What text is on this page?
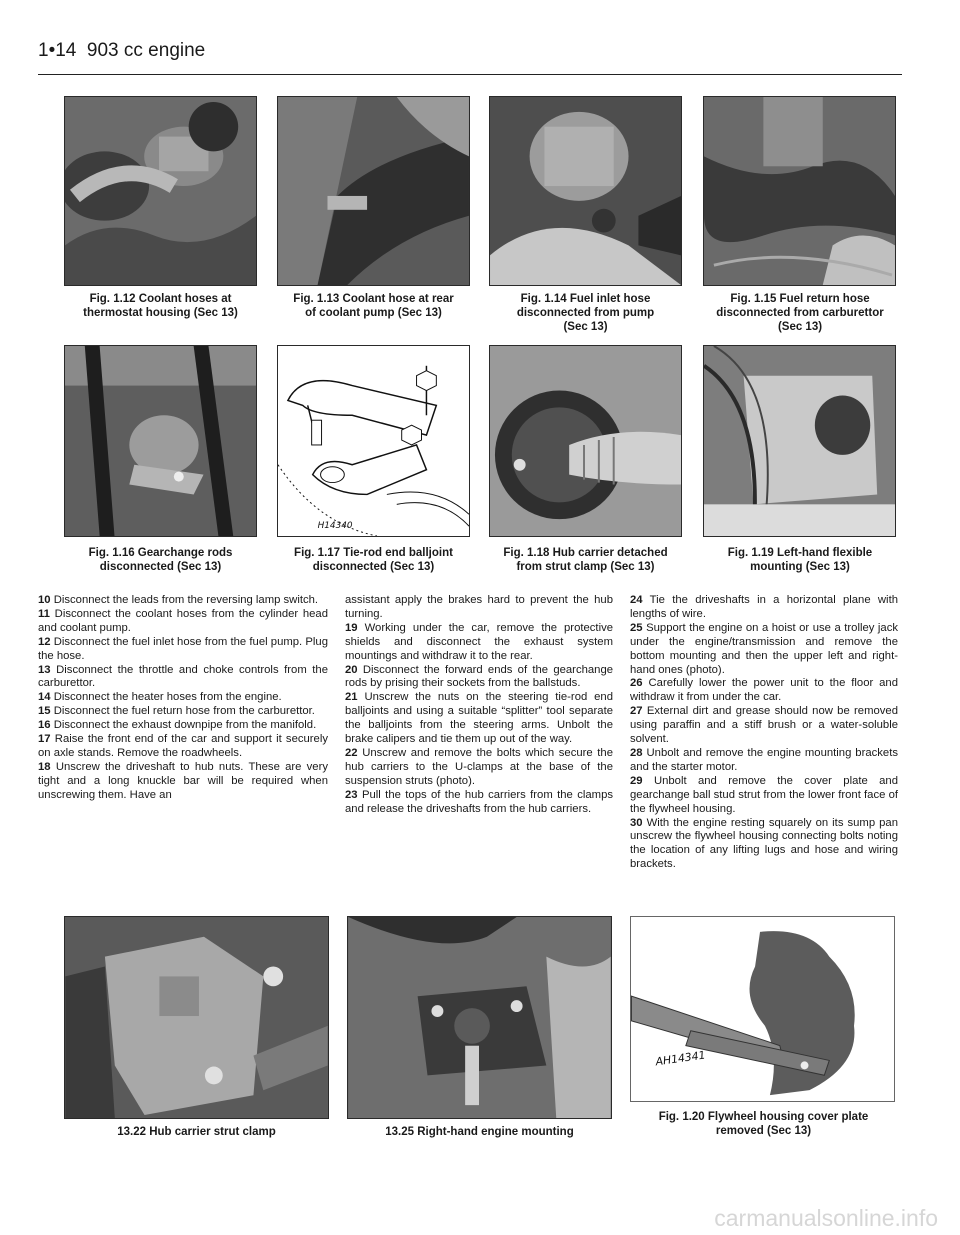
1•14 903 cc engine
Fig. 1.12 Coolant hoses at
thermostat housing (Sec 13)
Fig. 1.13 Coolant hose at rear
of coolant pump (Sec 13)
Fig. 1.14 Fuel inlet hose
disconnected from pump
(Sec 13)
Fig. 1.15 Fuel return hose
disconnected from carburettor
(Sec 13)
H14340
Fig. 1.16 Gearchange rods
disconnected (Sec 13)
Fig. 1.17 Tie-rod end balljoint
disconnected (Sec 13)
Fig. 1.18 Hub carrier detached
from strut clamp (Sec 13)
Fig. 1.19 Left-hand flexible
mounting (Sec 13)

10 Disconnect the leads from the reversing lamp switch.

11 Disconnect the coolant hoses from the cylinder head and coolant pump.

12 Disconnect the fuel inlet hose from the fuel pump. Plug the hose.

13 Disconnect the throttle and choke controls from the carburettor.

14 Disconnect the heater hoses from the engine.

15 Disconnect the fuel return hose from the carburettor.

16 Disconnect the exhaust downpipe from the manifold.

17 Raise the front end of the car and support it securely on axle stands. Remove the roadwheels.

18 Unscrew the driveshaft to hub nuts. These are very tight and a long knuckle bar will be required when unscrewing them. Have an

assistant apply the brakes hard to prevent the hub turning.

19 Working under the car, remove the protective shields and disconnect the exhaust system mountings and withdraw it to the rear.

20 Disconnect the forward ends of the gearchange rods by prising their sockets from the ballstuds.

21 Unscrew the nuts on the steering tie-rod end balljoints and using a suitable “splitter” tool separate the balljoints from the steering arms. Unbolt the brake calipers and tie them up out of the way.

22 Unscrew and remove the bolts which secure the hub carriers to the U-clamps at the base of the suspension struts (photo).

23 Pull the tops of the hub carriers from the clamps and release the driveshafts from the hub carriers.

24 Tie the driveshafts in a horizontal plane with lengths of wire.

25 Support the engine on a hoist or use a trolley jack under the engine/transmission and remove the bottom mounting and then the upper left and right-hand ones (photo).

26 Carefully lower the power unit to the floor and withdraw it from under the car.

27 External dirt and grease should now be removed using paraffin and a stiff brush or a water-soluble solvent.

28 Unbolt and remove the engine mounting brackets and the starter motor.

29 Unbolt and remove the cover plate and gearchange ball stud strut from the lower front face of the flywheel housing.

30 With the engine resting squarely on its sump pan unscrew the flywheel housing connecting bolts noting the location of any lifting lugs and hose and wiring brackets.

AH14341
13.22 Hub carrier strut clamp	13.25 Right-hand engine mounting
Fig. 1.20 Flywheel housing cover plate
removed (Sec 13)
carmanualsonline.info
